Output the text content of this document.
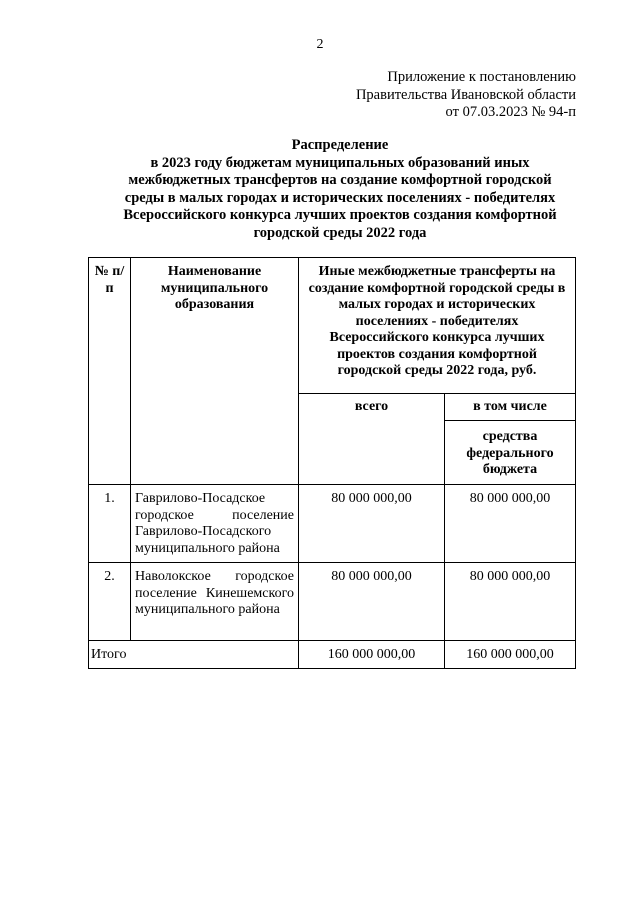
2
Приложение к постановлению
Правительства Ивановской области
от 07.03.2023 № 94-п
Распределение
в 2023 году бюджетам муниципальных образований иных
межбюджетных трансфертов на создание комфортной городской
среды в малых городах и исторических поселениях - победителях
Всероссийского конкурса лучших проектов создания комфортной
городской среды 2022 года
№ п/п	Наименование муниципального образования	Иные межбюджетные трансферты на создание комфортной городской среды в малых городах и исторических поселениях - победителях Всероссийского конкурса лучших проектов создания комфортной городской среды 2022 года, руб.	
		всего	в том числе
			средства федерального бюджета
1.	Гаврилово-Посадское городское поселение Гаврилово-Посадского муниципального района	80 000 000,00	80 000 000,00
2.	Наволокское городское поселение Кинешемского муниципального района	80 000 000,00	80 000 000,00
Итого		160 000 000,00	160 000 000,00
